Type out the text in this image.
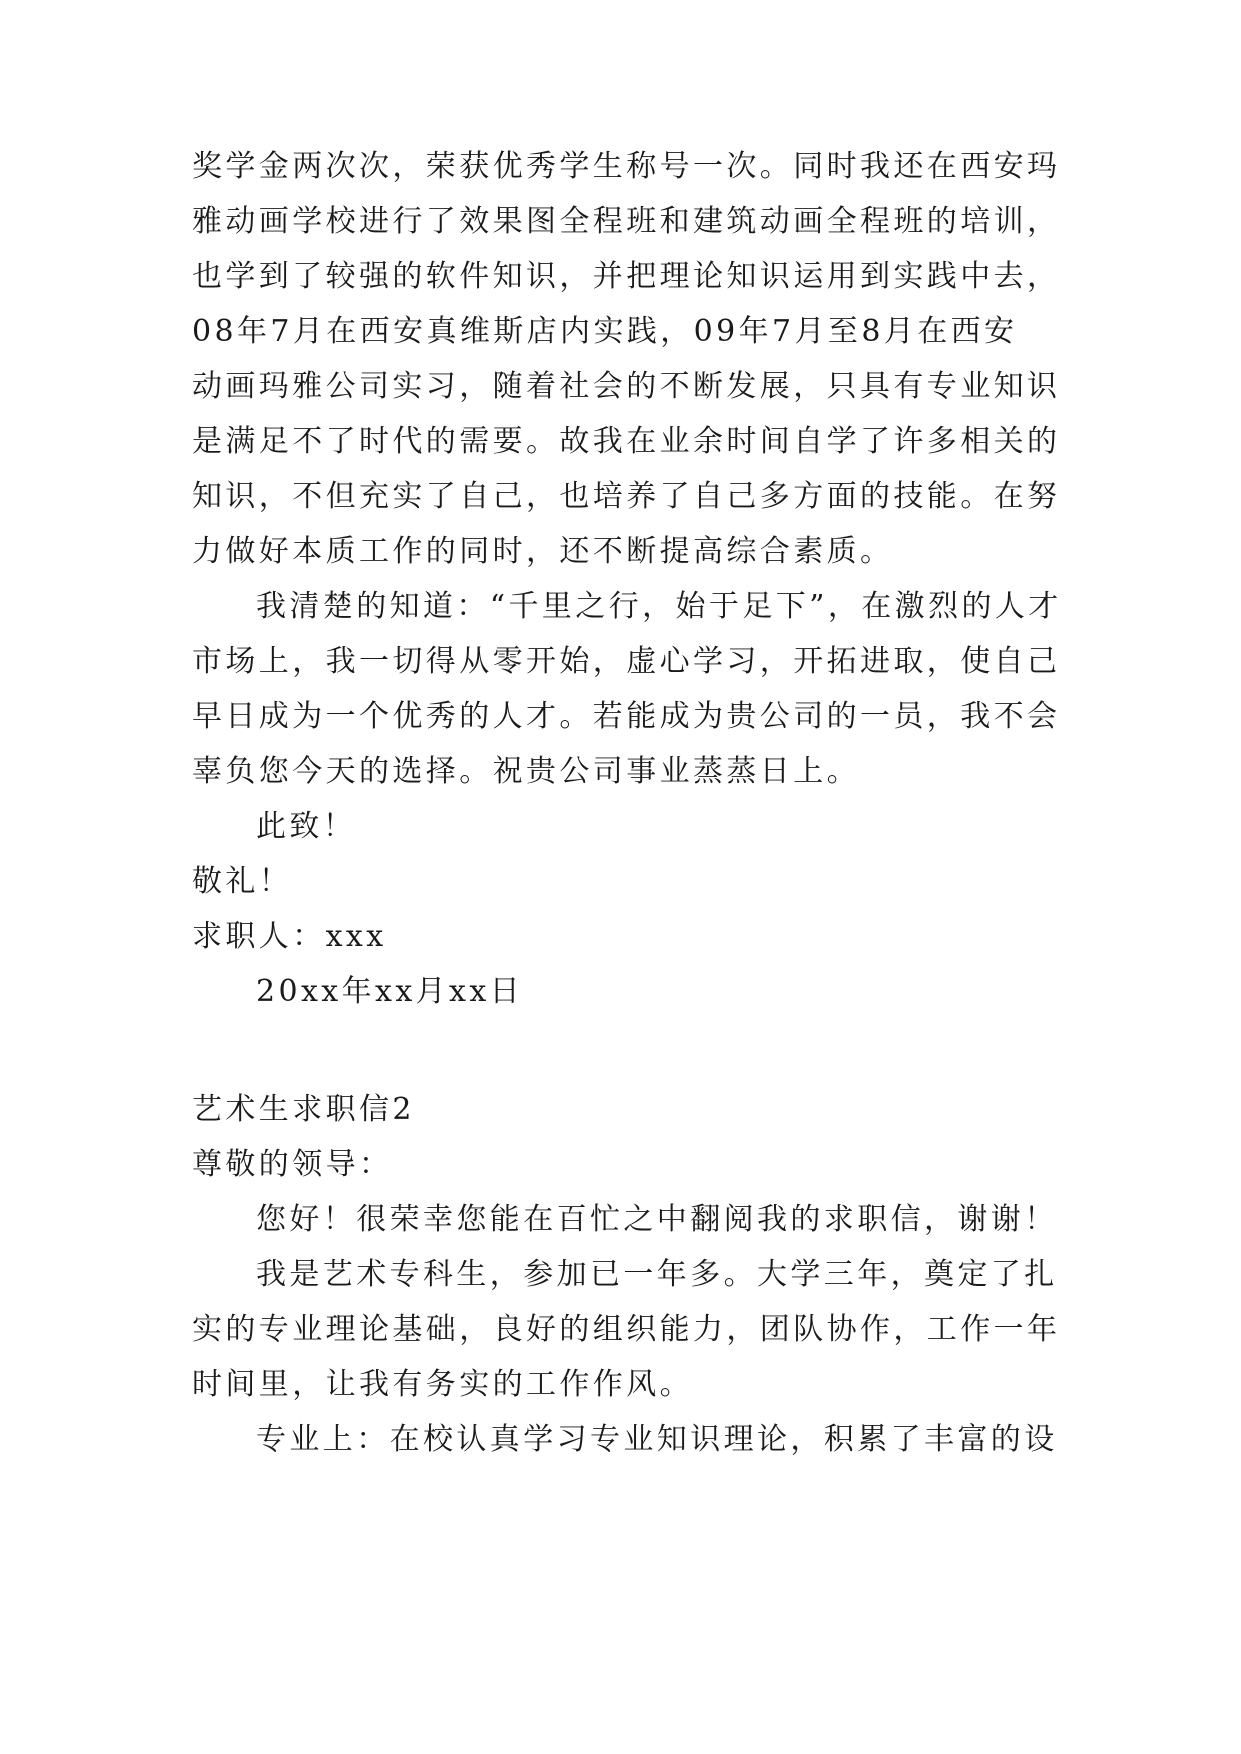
奖学金两次次，荣获优秀学生称号一次。同时我还在西安玛
雅动画学校进行了效果图全程班和建筑动画全程班的培训，
也学到了较强的软件知识，并把理论知识运用到实践中去，
08年7月在西安真维斯店内实践，09年7月至8月在西安
动画玛雅公司实习，随着社会的不断发展，只具有专业知识
是满足不了时代的需要。故我在业余时间自学了许多相关的
知识，不但充实了自己，也培养了自己多方面的技能。在努
力做好本质工作的同时，还不断提高综合素质。
我清楚的知道：“千里之行，始于足下”，在激烈的人才
市场上，我一切得从零开始，虚心学习，开拓进取，使自己
早日成为一个优秀的人才。若能成为贵公司的一员，我不会
辜负您今天的选择。祝贵公司事业蒸蒸日上。
此致！
敬礼！
求职人：xxx
20xx年xx月xx日
艺术生求职信2
尊敬的领导：
您好！很荣幸您能在百忙之中翻阅我的求职信，谢谢！
我是艺术专科生，参加已一年多。大学三年，奠定了扎
实的专业理论基础，良好的组织能力，团队协作，工作一年
时间里，让我有务实的工作作风。
专业上：在校认真学习专业知识理论，积累了丰富的设
